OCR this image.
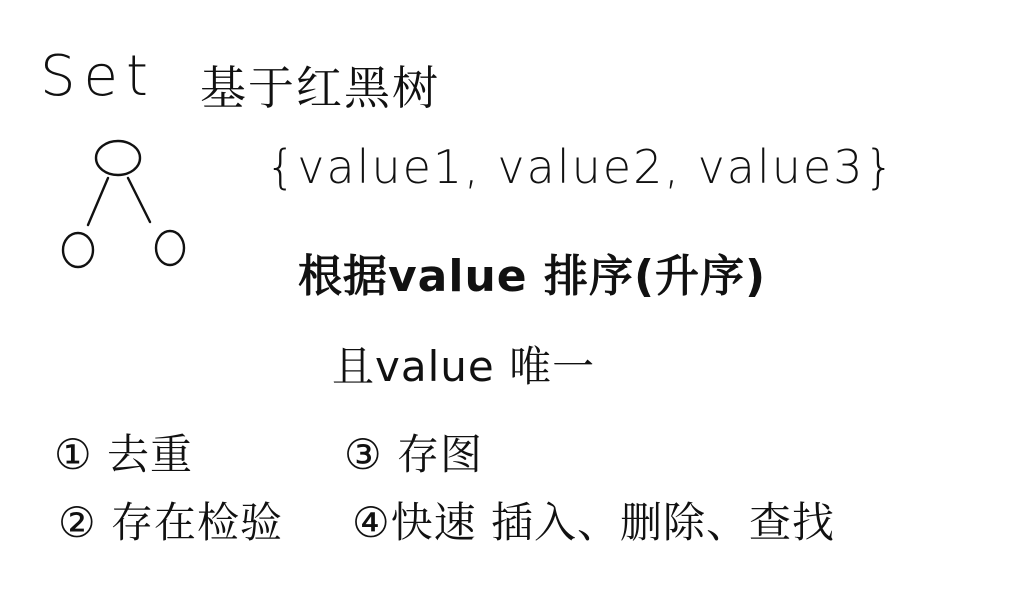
Set 基于红黑树
{value1, value2, value3}
根据value 排序(升序)
且value 唯一
① 去重	③ 存图
② 存在检验 ④快速 插入、删除、查找
